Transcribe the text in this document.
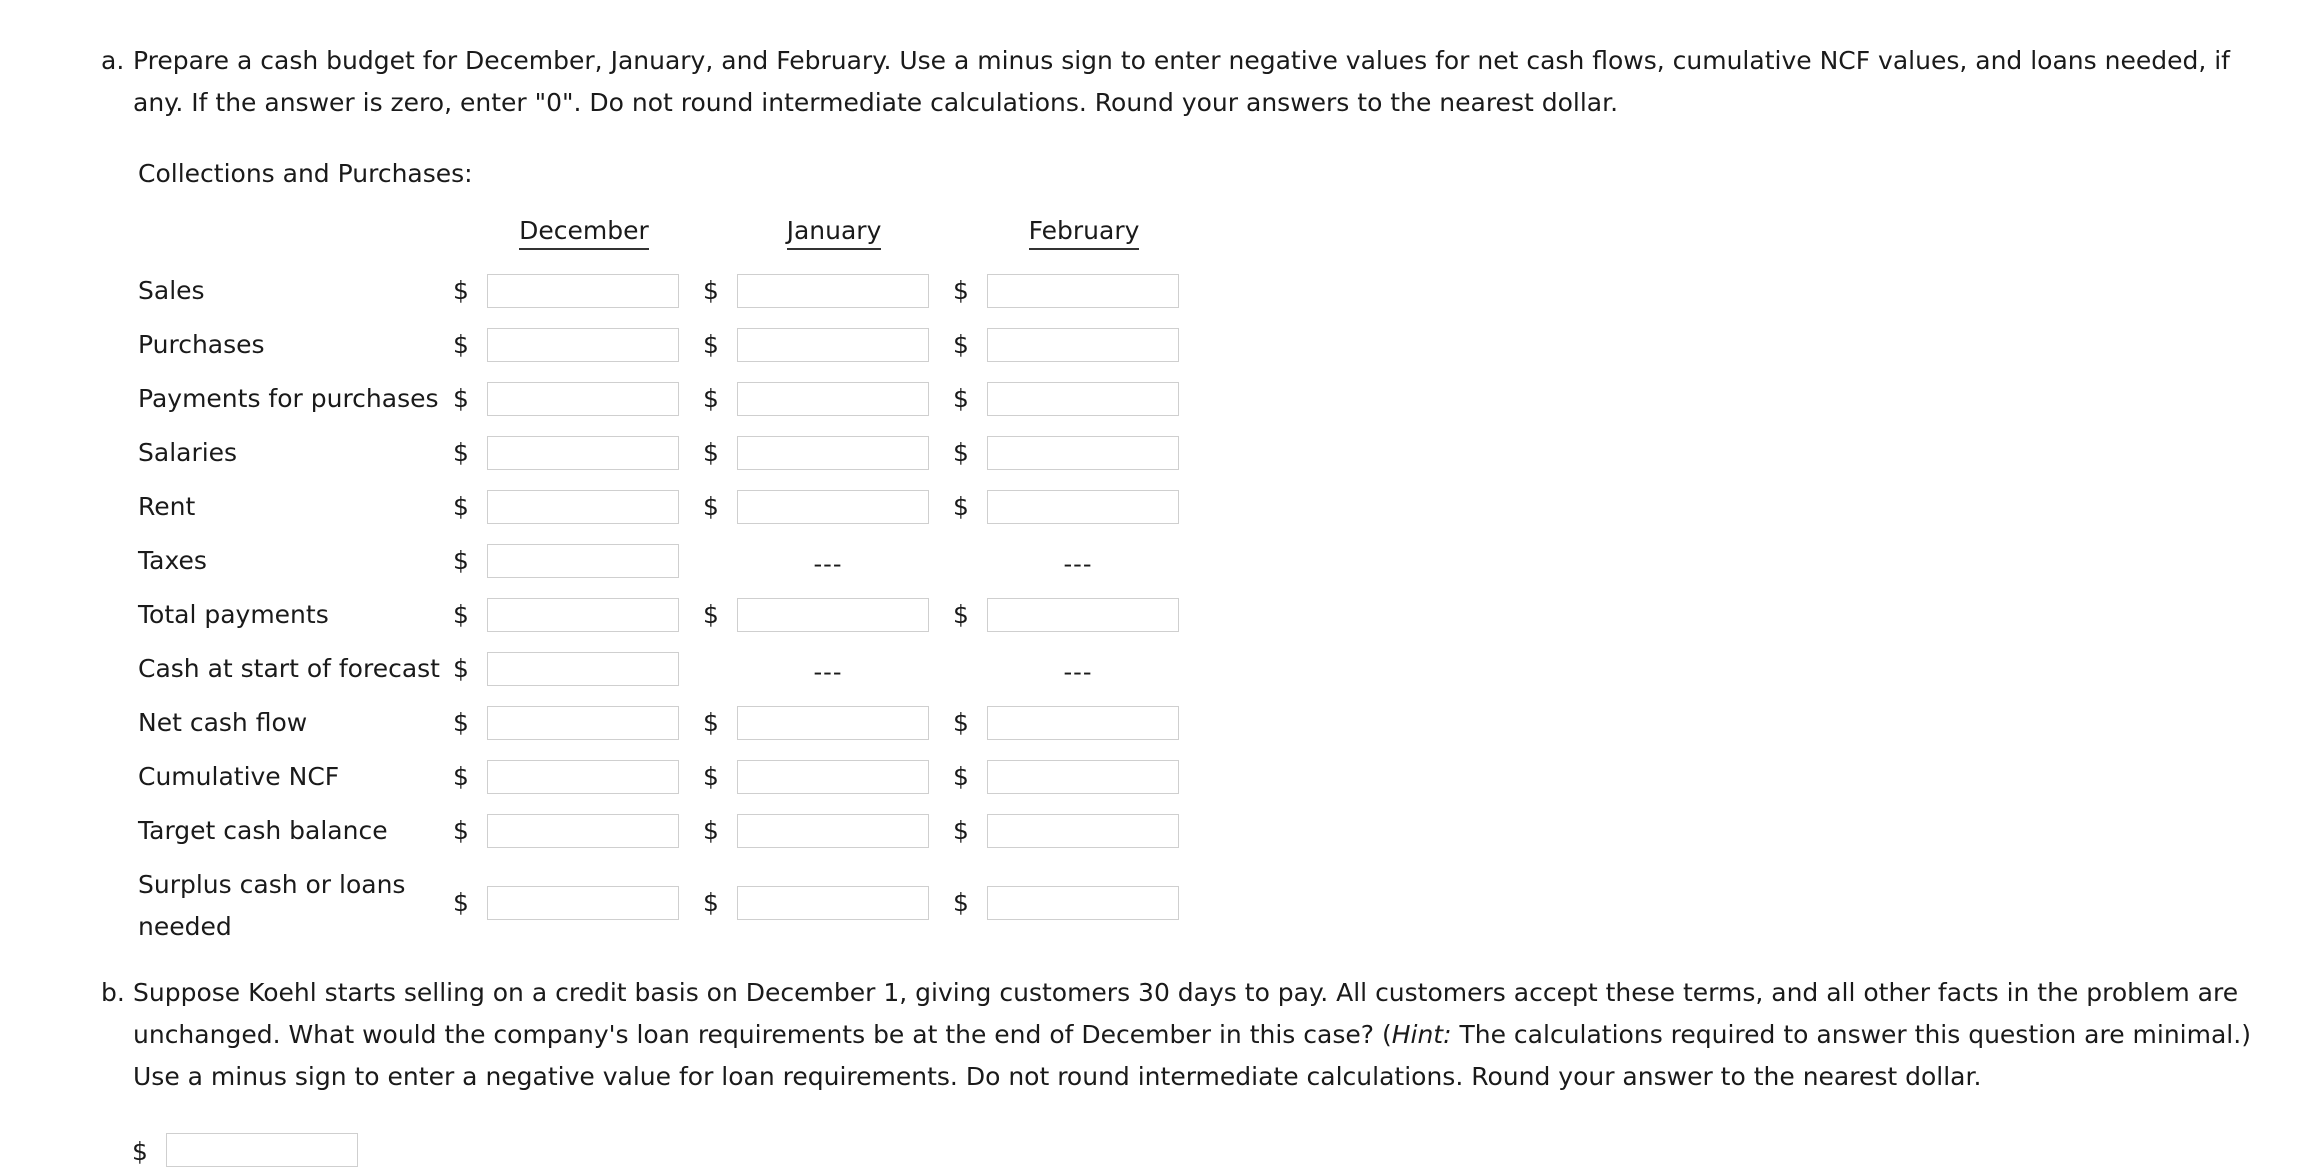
a. Prepare a cash budget for December, January, and February. Use a minus sign to enter negative values for net cash flows, cumulative NCF values, and loans needed, if any. If the answer is zero, enter "0". Do not round intermediate calculations. Round your answers to the nearest dollar.
Collections and Purchases:
December	January	February
Sales	$	$	$
Purchases	$	$	$
Payments for purchases $	$	$
Salaries	$	$	$
Rent	$	$	$
Taxes	$	---	---
Total payments	$	$	$
Cash at start of forecast $	---	---
Net cash flow	$	$	$
Cumulative NCF	$	$	$
Target cash balance	$	$	$
Surplus cash or loans
needed
$	$	$
b. Suppose Koehl starts selling on a credit basis on December 1, giving customers 30 days to pay. All customers accept these terms, and all other facts in the problem are unchanged. What would the company's loan requirements be at the end of December in this case? (Hint: The calculations required to answer this question are minimal.) Use a minus sign to enter a negative value for loan requirements. Do not round intermediate calculations. Round your answer to the nearest dollar.
$
